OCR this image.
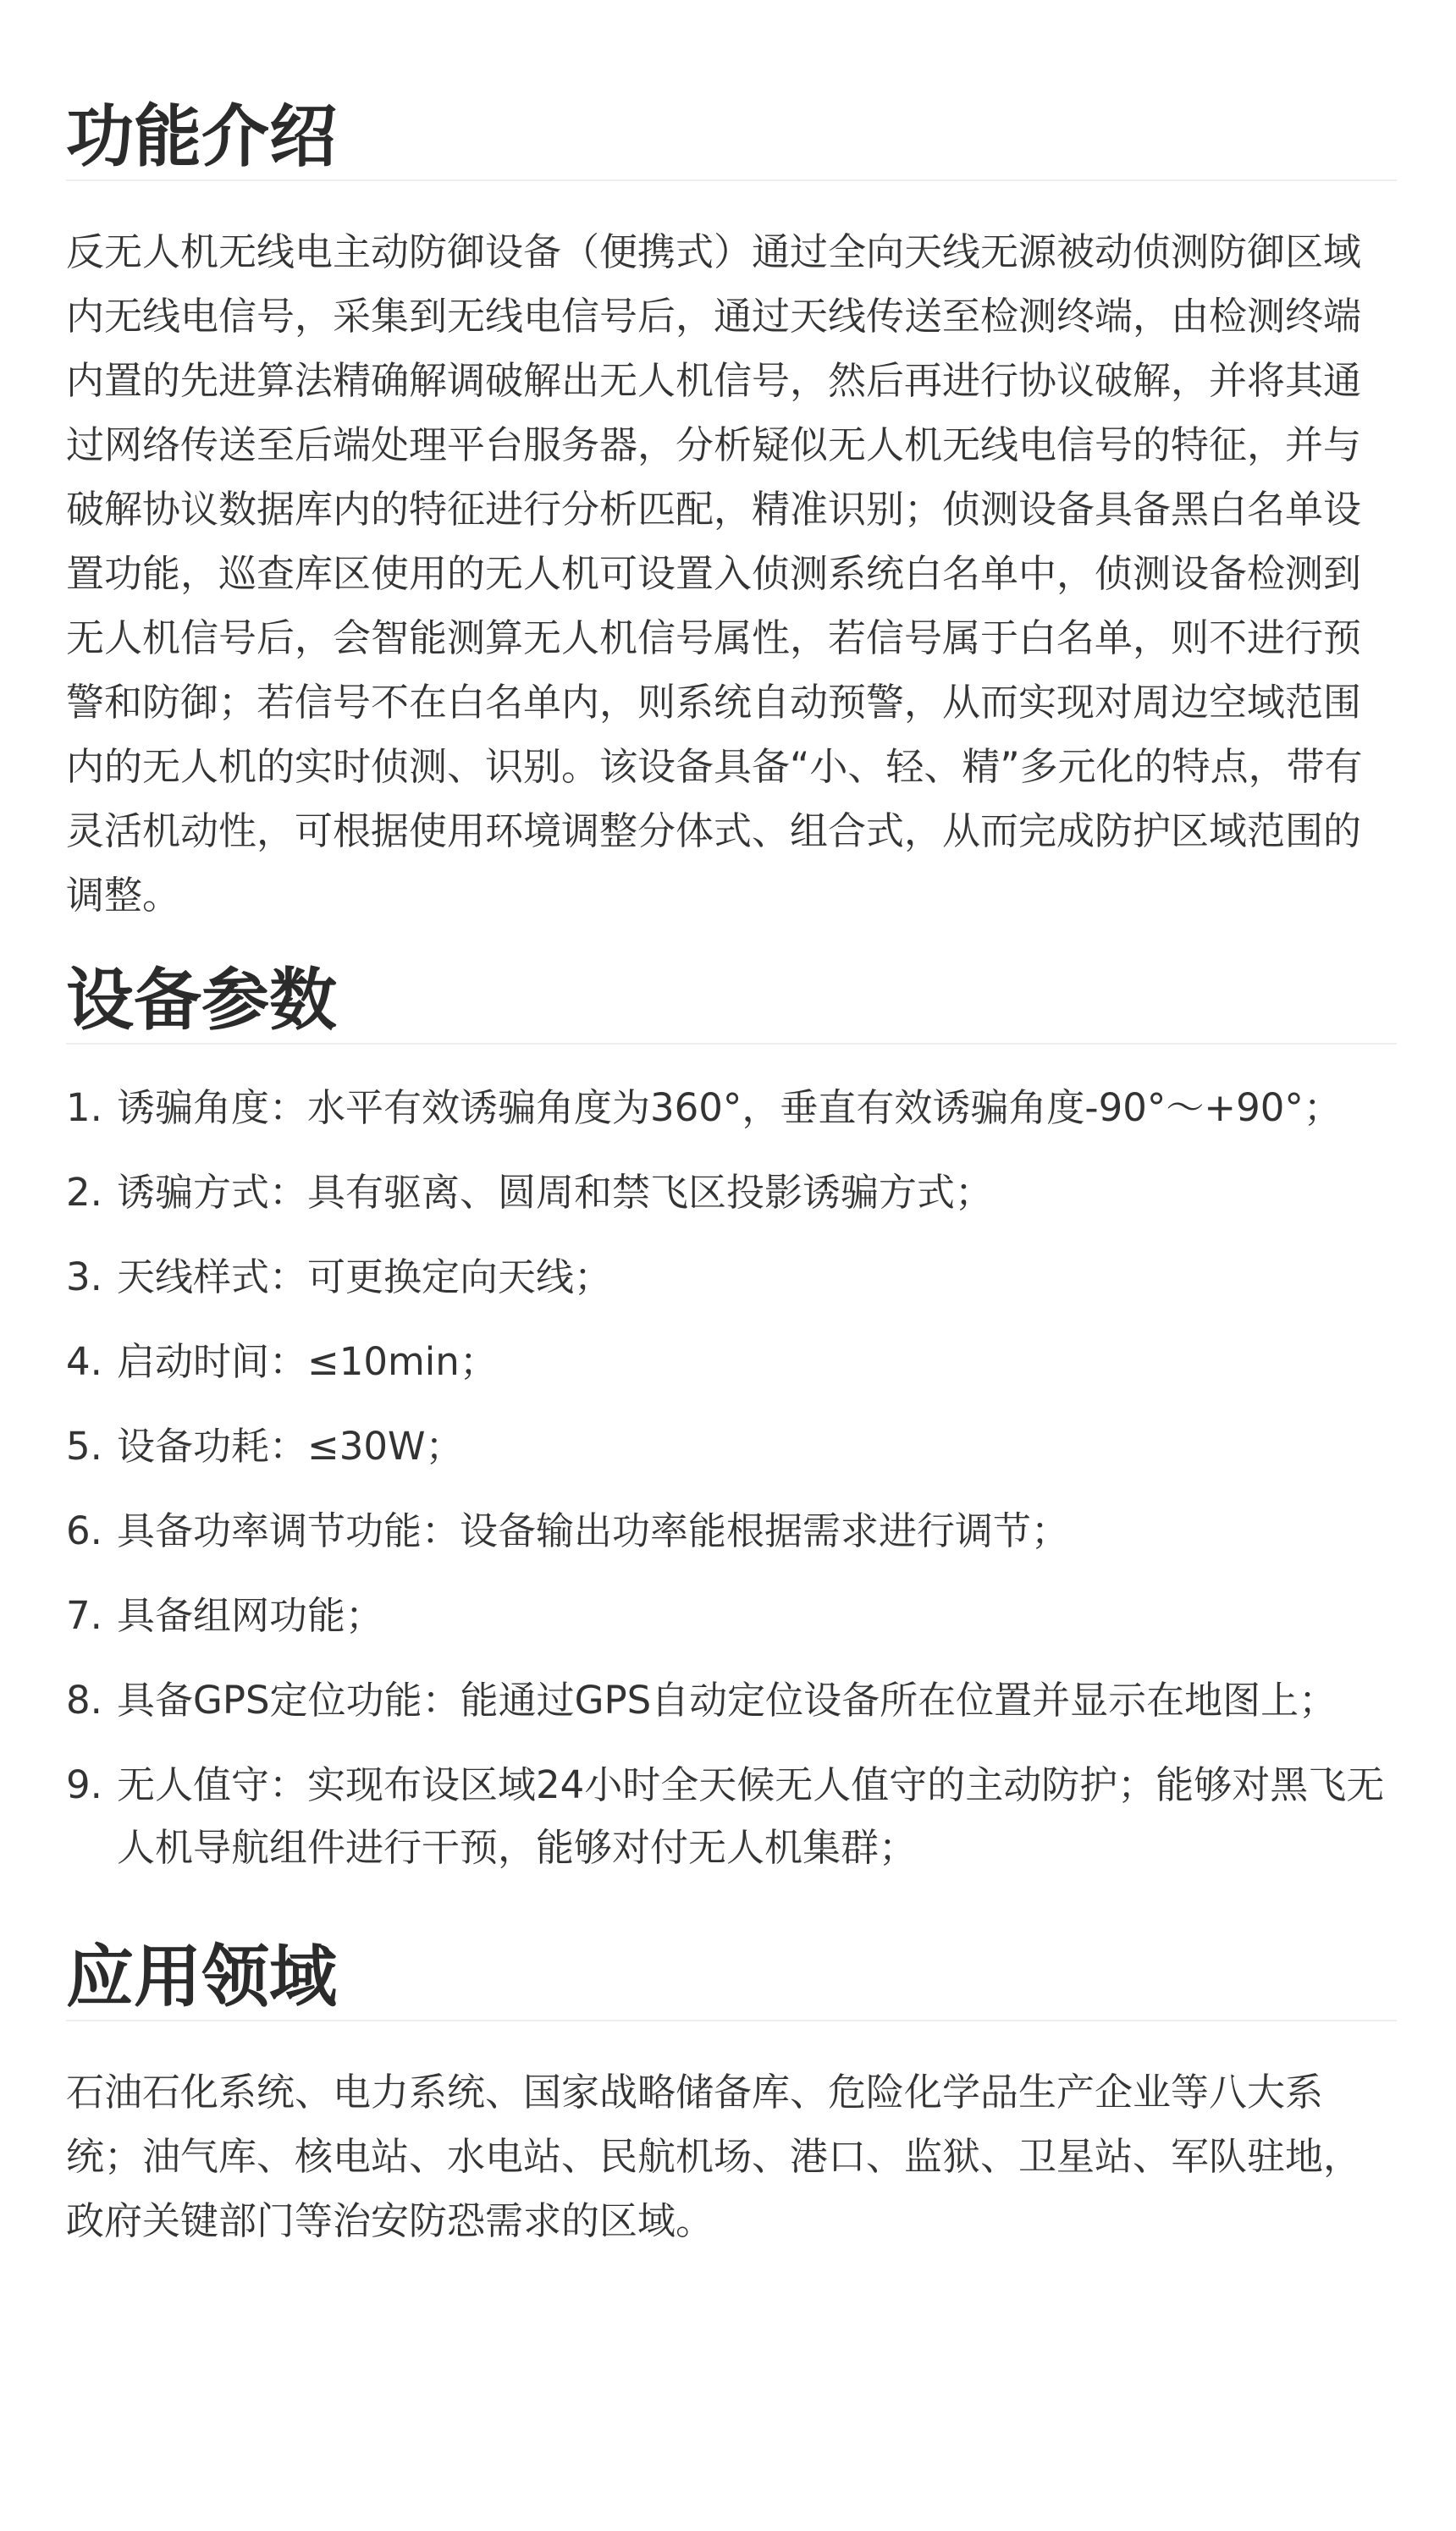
功能介绍

反无人机无线电主动防御设备（便携式）通过全向天线无源被动侦测防御区域内无线电信号，采集到无线电信号后，通过天线传送至检测终端，由检测终端内置的先进算法精确解调破解出无人机信号，然后再进行协议破解，并将其通过网络传送至后端处理平台服务器，分析疑似无人机无线电信号的特征，并与破解协议数据库内的特征进行分析匹配，精准识别；侦测设备具备黑白名单设置功能，巡查库区使用的无人机可设置入侦测系统白名单中，侦测设备检测到无人机信号后，会智能测算无人机信号属性，若信号属于白名单，则不进行预警和防御；若信号不在白名单内，则系统自动预警，从而实现对周边空域范围内的无人机的实时侦测、识别。该设备具备“小、轻、精”多元化的特点，带有灵活机动性，可根据使用环境调整分体式、组合式，从而完成防护区域范围的调整。

设备参数
1. 诱骗角度：水平有效诱骗角度为360°，垂直有效诱骗角度-90°～+90°；
2. 诱骗方式：具有驱离、圆周和禁飞区投影诱骗方式；
3. 天线样式：可更换定向天线；
4. 启动时间：≤10min；
5. 设备功耗：≤30W；
6. 具备功率调节功能：设备输出功率能根据需求进行调节；
7. 具备组网功能；
8. 具备GPS定位功能：能通过GPS自动定位设备所在位置并显示在地图上；
9. 无人值守：实现布设区域24小时全天候无人值守的主动防护；能够对黑飞无人机导航组件进行干预，能够对付无人机集群；
应用领域

石油石化系统、电力系统、国家战略储备库、危险化学品生产企业等八大系统；油气库、核电站、水电站、民航机场、港口、监狱、卫星站、军队驻地，政府关键部门等治安防恐需求的区域。
